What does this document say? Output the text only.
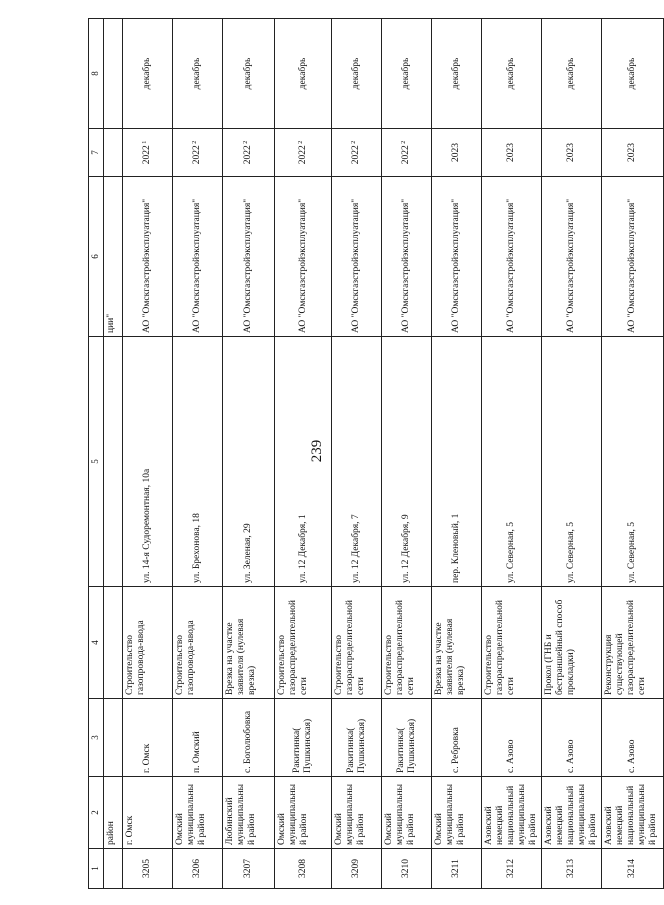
239
1	2	3	4	5	6	7	8
	район				ции"		
3205	г. Омск	г. Омск	Строительство газопровода-ввода	ул. 14-я Судоремонтная, 10а	АО "Омскгазстройэксплуатация"	2022 $^1$	декабрь
3206	Омский муниципальный район	п. Омский	Строительство газопровода-ввода	ул. Брехонова, 18	АО "Омскгазстройэксплуатация"	2022 $^2$	декабрь
3207	Любинский муниципальный район	с. Боголюбовка	Врезка на участке заявителя (нулевая врезка)	ул. Зеленая, 29	АО "Омскгазстройэксплуатация"	2022 $^2$	декабрь
3208	Омский муниципальный район	Ракитинка( Пушкинская)	Строительство газораспределительной сети	ул. 12 Декабря, 1	АО "Омскгазстройэксплуатация"	2022 $^2$	декабрь
3209	Омский муниципальный район	Ракитинка( Пушкинская)	Строительство газораспределительной сети	ул. 12 Декабря, 7	АО "Омскгазстройэксплуатация"	2022 $^2$	декабрь
3210	Омский муниципальный район	Ракитинка( Пушкинская)	Строительство газораспределительной сети	ул. 12 Декабря, 9	АО "Омскгазстройэксплуатация"	2022 $^2$	декабрь
3211	Омский муниципальный район	с. Ребровка	Врезка на участке заявителя (нулевая врезка)	пер. Кленовый, 1	АО "Омскгазстройэксплуатация"	2023	декабрь
3212	Азовский немецкий национальный муниципальный район	с. Азово	Строительство газораспределительной сети	ул. Северная, 5	АО "Омскгазстройэксплуатация"	2023	декабрь
3213	Азовский немецкий национальный муниципальный район	с. Азово	Прокол (ГНБ и бестраншейный способ прокладки)	ул. Северная, 5	АО "Омскгазстройэксплуатация"	2023	декабрь
3214	Азовский немецкий национальный муниципальный район	с. Азово	Реконструкция существующей газораспределительной сети	ул. Северная, 5	АО "Омскгазстройэксплуатация"	2023	декабрь
